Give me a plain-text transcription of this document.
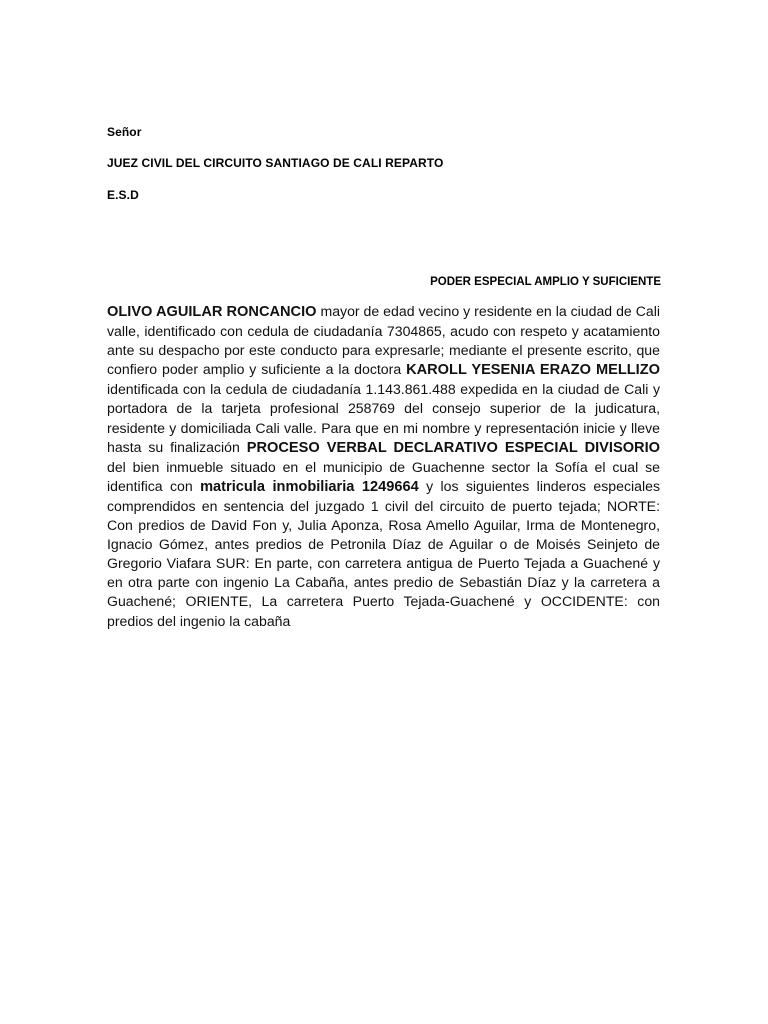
Señor
JUEZ CIVIL DEL CIRCUITO SANTIAGO DE CALI REPARTO
E.S.D
PODER ESPECIAL AMPLIO Y SUFICIENTE
OLIVO AGUILAR RONCANCIO mayor de edad vecino y residente en la ciudad de Cali valle, identificado con cedula de ciudadanía 7304865, acudo con respeto y acatamiento ante su despacho por este conducto para expresarle; mediante el presente escrito, que confiero poder amplio y suficiente a la doctora KAROLL YESENIA ERAZO MELLIZO identificada con la cedula de ciudadanía 1.143.861.488 expedida en la ciudad de Cali y portadora de la tarjeta profesional 258769 del consejo superior de la judicatura, residente y domiciliada Cali valle. Para que en mi nombre y representación inicie y lleve hasta su finalización PROCESO VERBAL DECLARATIVO ESPECIAL DIVISORIO del bien inmueble situado en el municipio de Guachenne sector la Sofía el cual se identifica con matricula inmobiliaria 1249664 y los siguientes linderos especiales comprendidos en sentencia del juzgado 1 civil del circuito de puerto tejada; NORTE: Con predios de David Fon y, Julia Aponza, Rosa Amello Aguilar, Irma de Montenegro, Ignacio Gómez, antes predios de Petronila Díaz de Aguilar o de Moisés Seinjeto de Gregorio Viafara SUR: En parte, con carretera antigua de Puerto Tejada a Guachené y en otra parte con ingenio La Cabaña, antes predio de Sebastián Díaz y la carretera a Guachené; ORIENTE, La carretera Puerto Tejada-Guachené y OCCIDENTE: con predios del ingenio la cabaña
